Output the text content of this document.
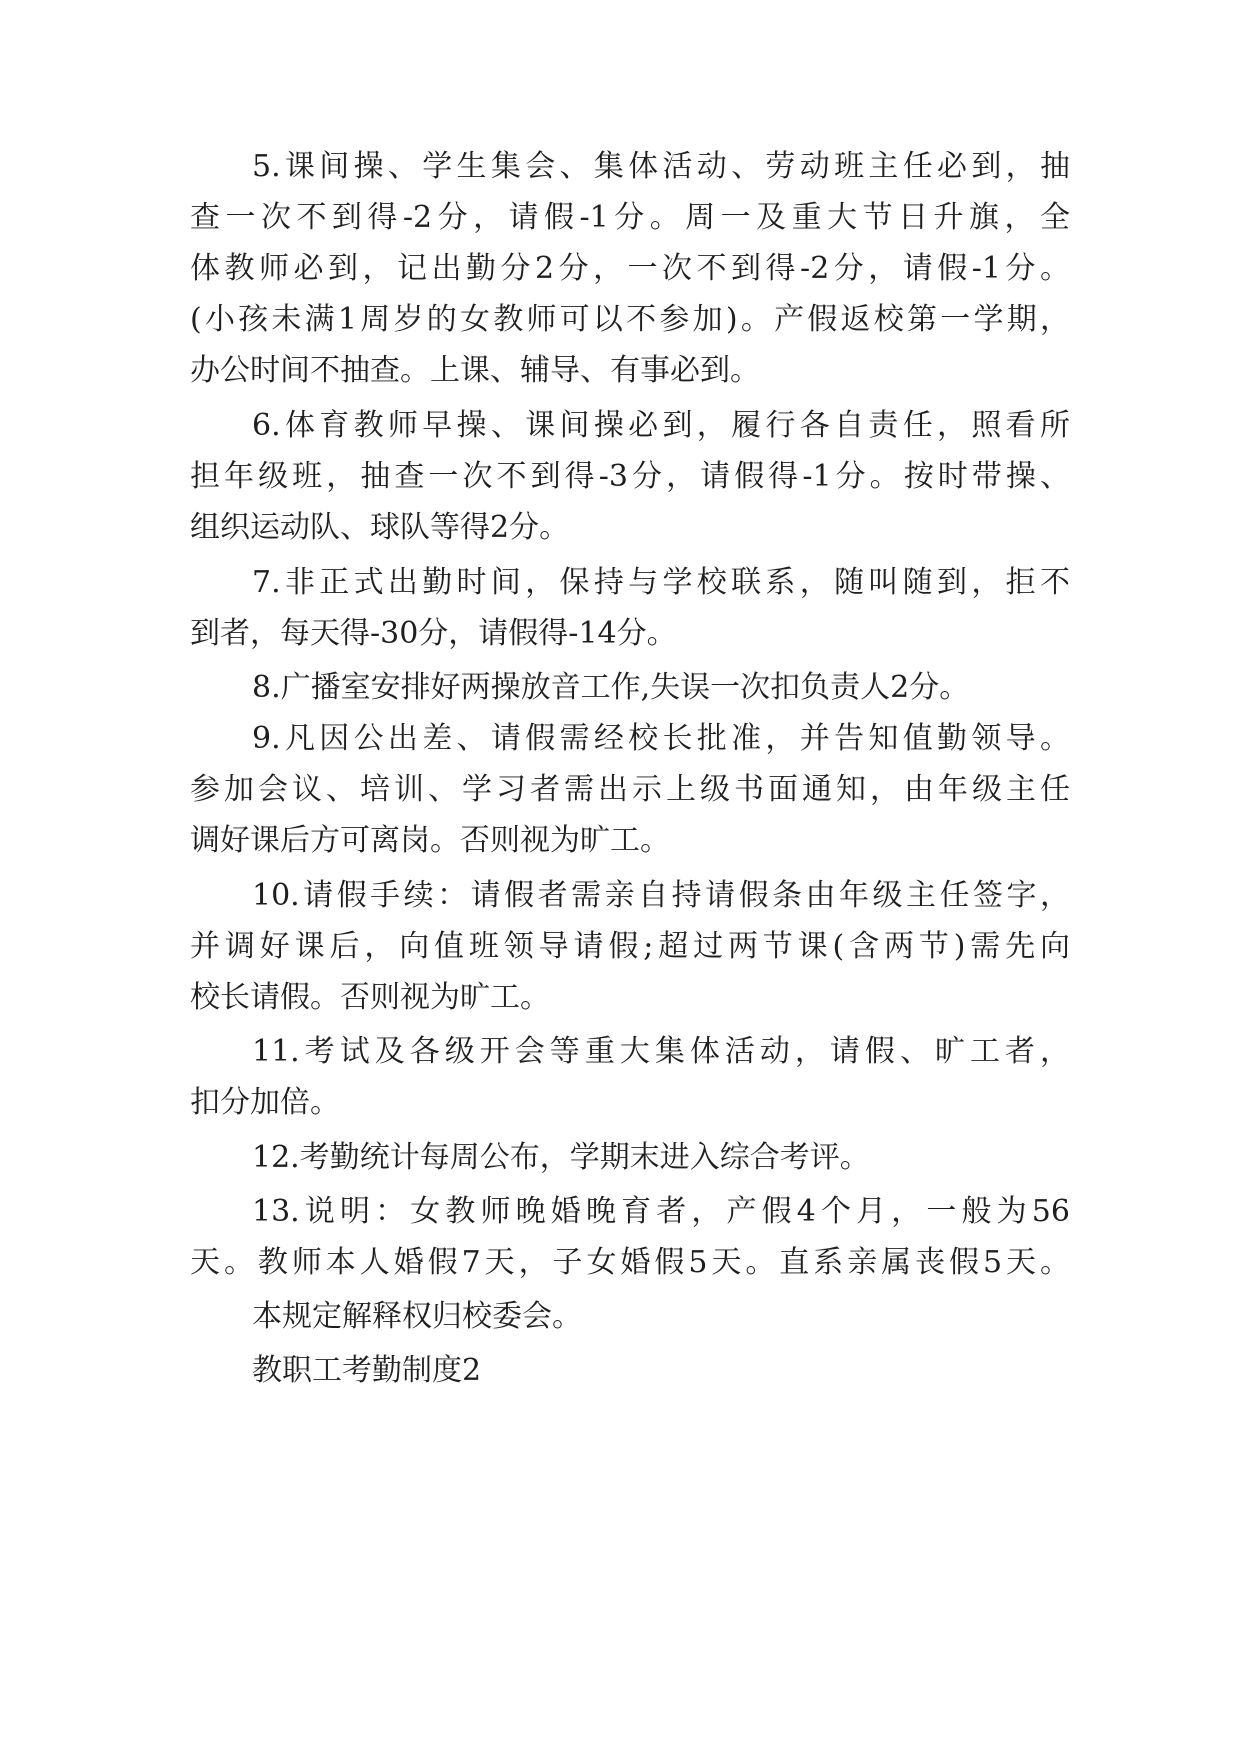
5.课间操、学生集会、集体活动、劳动班主任必到，抽
查一次不到得-2分，请假-1分。周一及重大节日升旗，全
体教师必到，记出勤分2分，一次不到得-2分，请假-1分。
(小孩未满1周岁的女教师可以不参加)。产假返校第一学期，
办公时间不抽查。上课、辅导、有事必到。
6.体育教师早操、课间操必到，履行各自责任，照看所
担年级班，抽查一次不到得-3分，请假得-1分。按时带操、
组织运动队、球队等得2分。
7.非正式出勤时间，保持与学校联系，随叫随到，拒不
到者，每天得-30分，请假得-14分。
8.广播室安排好两操放音工作,失误一次扣负责人2分。
9.凡因公出差、请假需经校长批准，并告知值勤领导。
参加会议、培训、学习者需出示上级书面通知，由年级主任
调好课后方可离岗。否则视为旷工。
10.请假手续：请假者需亲自持请假条由年级主任签字，
并调好课后，向值班领导请假;超过两节课(含两节)需先向
校长请假。否则视为旷工。
11.考试及各级开会等重大集体活动，请假、旷工者，
扣分加倍。
12.考勤统计每周公布，学期末进入综合考评。
13.说明：女教师晚婚晚育者，产假4个月，一般为56
天。教师本人婚假7天，子女婚假5天。直系亲属丧假5天。
本规定解释权归校委会。
教职工考勤制度2
